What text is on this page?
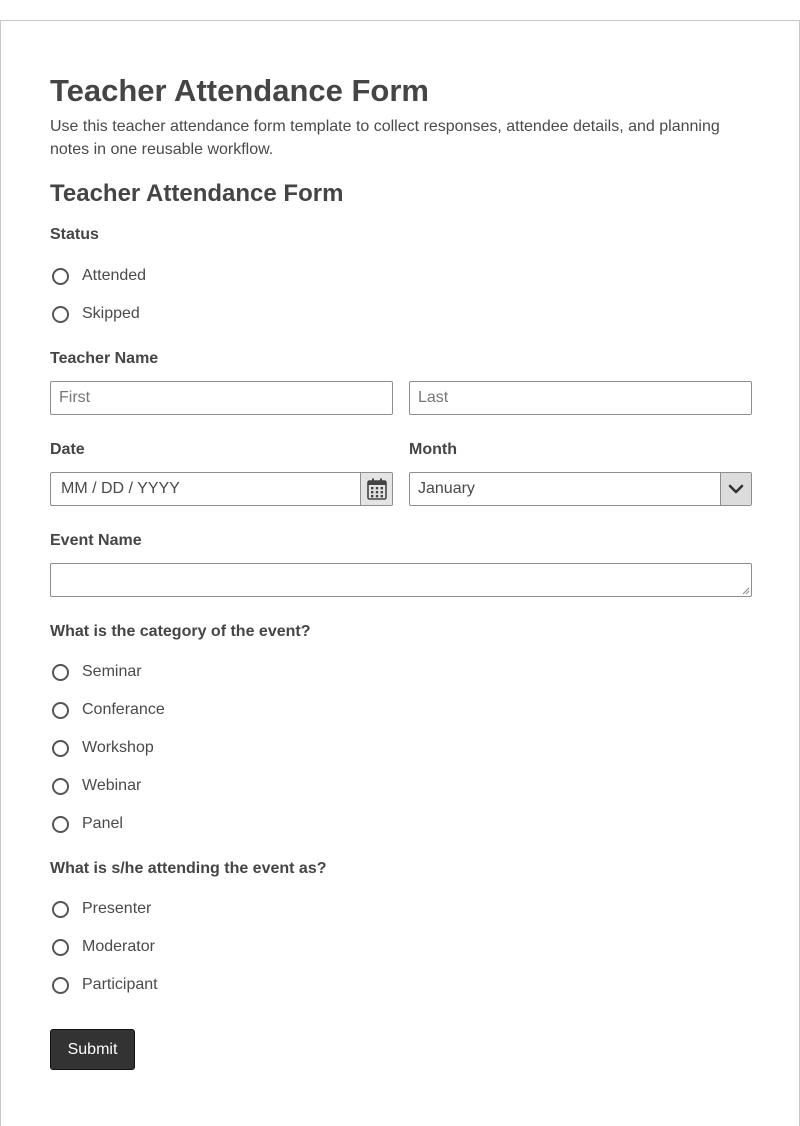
Teacher Attendance Form

Use this teacher attendance form template to collect responses, attendee details, and planning notes in one reusable workflow.

Teacher Attendance Form
Status
Attended
Skipped
Teacher Name
First
Last
Date	Month
MM / DD / YYYY	January
Event Name
What is the category of the event?
Seminar
Conferance
Workshop
Webinar
Panel
What is s/he attending the event as?
Presenter
Moderator
Participant
Submit
